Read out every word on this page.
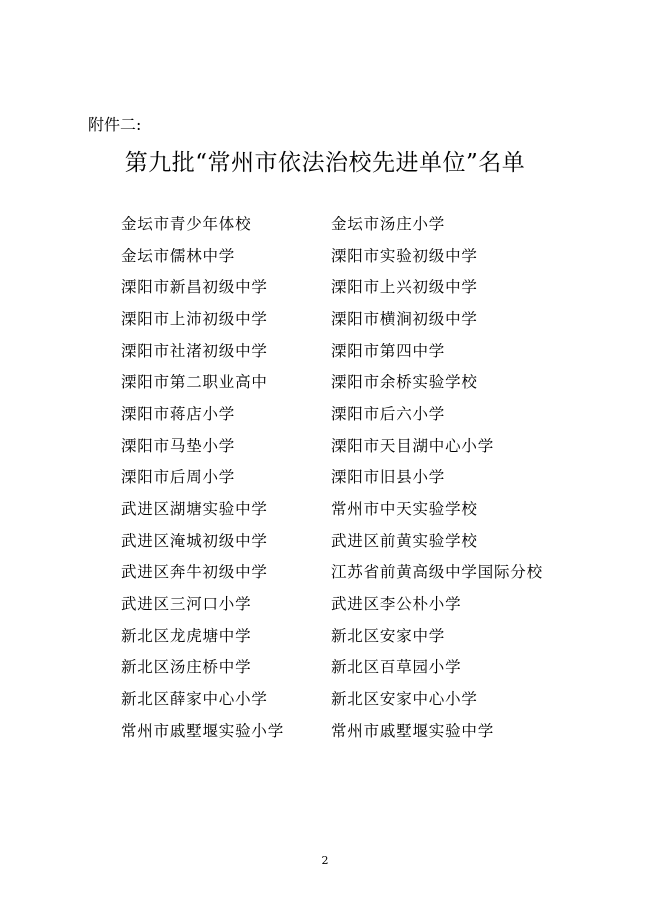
附件二:
第九批“常州市依法治校先进单位”名单
金坛市青少年体校	金坛市汤庄小学
金坛市儒林中学	溧阳市实验初级中学
溧阳市新昌初级中学	溧阳市上兴初级中学
溧阳市上沛初级中学	溧阳市横涧初级中学
溧阳市社渚初级中学	溧阳市第四中学
溧阳市第二职业高中	溧阳市余桥实验学校
溧阳市蒋店小学	溧阳市后六小学
溧阳市马垫小学	溧阳市天目湖中心小学
溧阳市后周小学	溧阳市旧县小学
武进区湖塘实验中学	常州市中天实验学校
武进区淹城初级中学	武进区前黄实验学校
武进区奔牛初级中学	江苏省前黄高级中学国际分校
武进区三河口小学	武进区李公朴小学
新北区龙虎塘中学	新北区安家中学
新北区汤庄桥中学	新北区百草园小学
新北区薛家中心小学	新北区安家中心小学
常州市戚墅堰实验小学	常州市戚墅堰实验中学
2
